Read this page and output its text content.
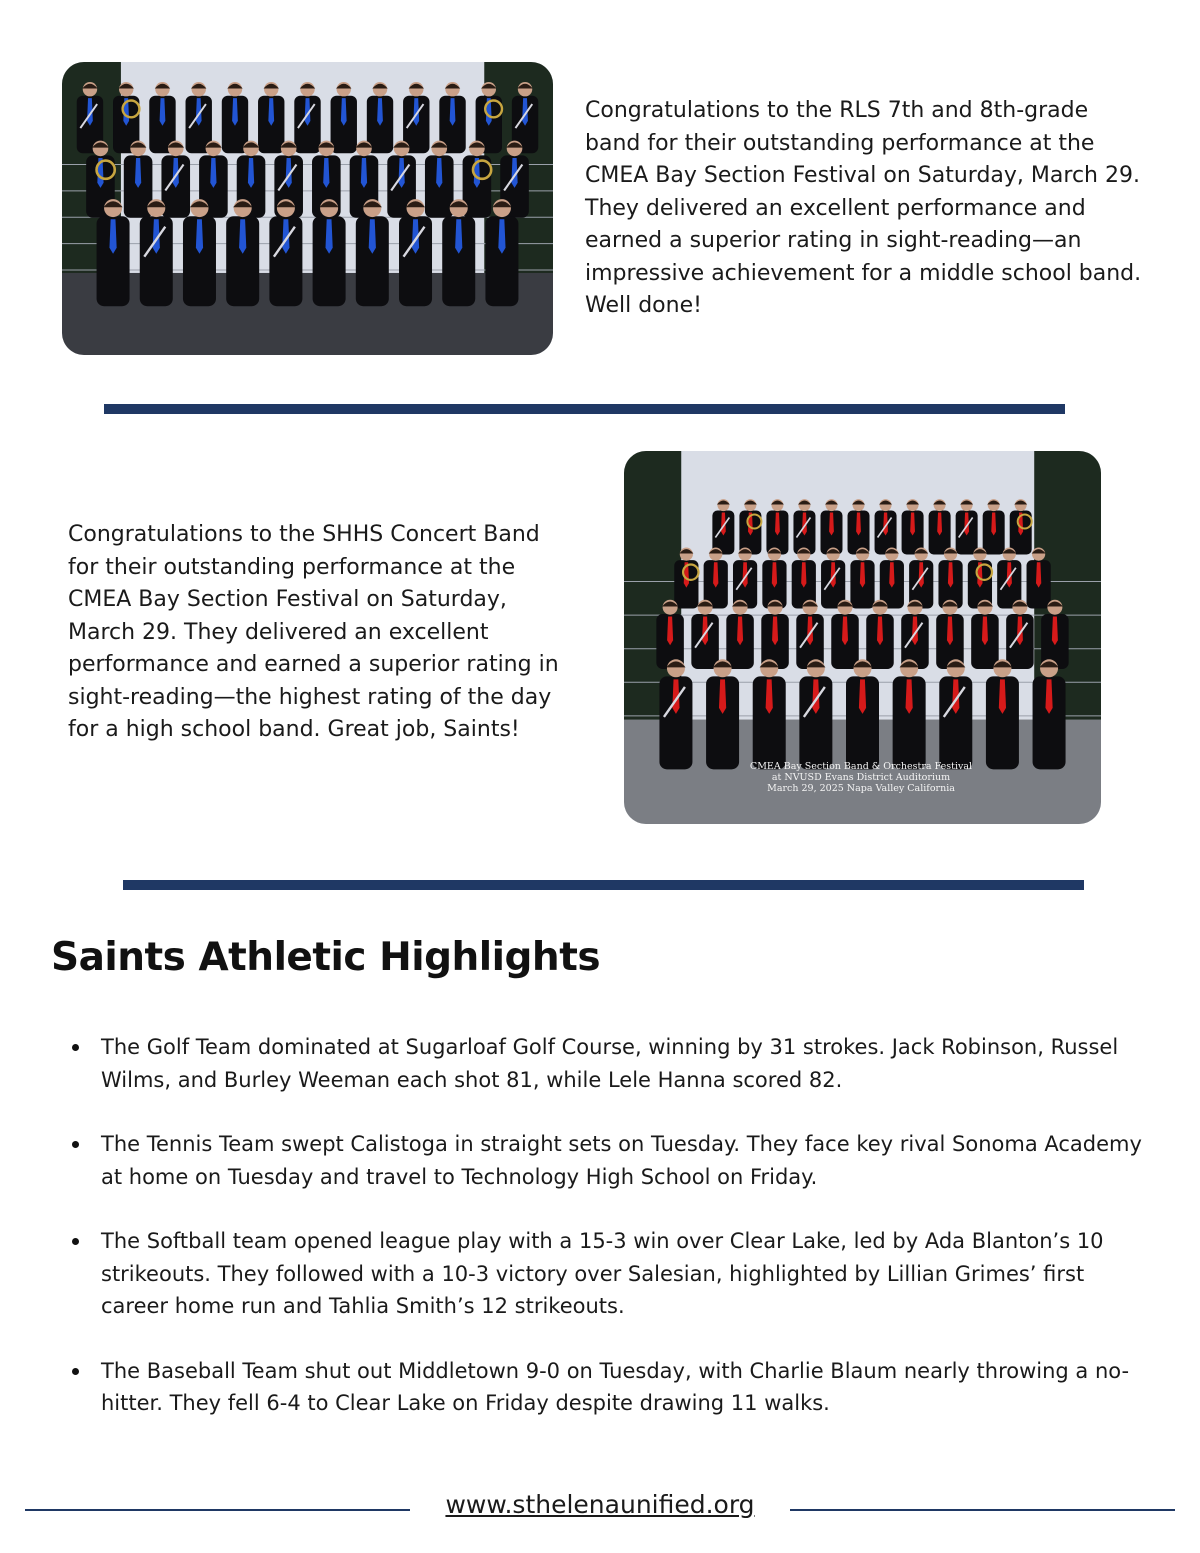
Congratulations to the RLS 7th and 8th-grade band for their outstanding performance at the CMEA Bay Section Festival on Saturday, March 29. They delivered an excellent performance and earned a superior rating in sight-reading—an impressive achievement for a middle school band. Well done!
Congratulations to the SHHS Concert Band for their outstanding performance at the CMEA Bay Section Festival on Saturday, March 29. They delivered an excellent performance and earned a superior rating in sight-reading—the highest rating of the day for a high school band. Great job, Saints!
CMEA Bay Section Band & Orchestra Festival
at NVUSD Evans District Auditorium
March 29, 2025 Napa Valley California
Saints Athletic Highlights
The Golf Team dominated at Sugarloaf Golf Course, winning by 31 strokes. Jack Robinson, Russel Wilms, and Burley Weeman each shot 81, while Lele Hanna scored 82.
The Tennis Team swept Calistoga in straight sets on Tuesday. They face key rival Sonoma Academy at home on Tuesday and travel to Technology High School on Friday.
The Softball team opened league play with a 15-3 win over Clear Lake, led by Ada Blanton’s 10 strikeouts. They followed with a 10-3 victory over Salesian, highlighted by Lillian Grimes’ first career home run and Tahlia Smith’s 12 strikeouts.
The Baseball Team shut out Middletown 9-0 on Tuesday, with Charlie Blaum nearly throwing a no-hitter. They fell 6-4 to Clear Lake on Friday despite drawing 11 walks.
www.sthelenaunified.org
